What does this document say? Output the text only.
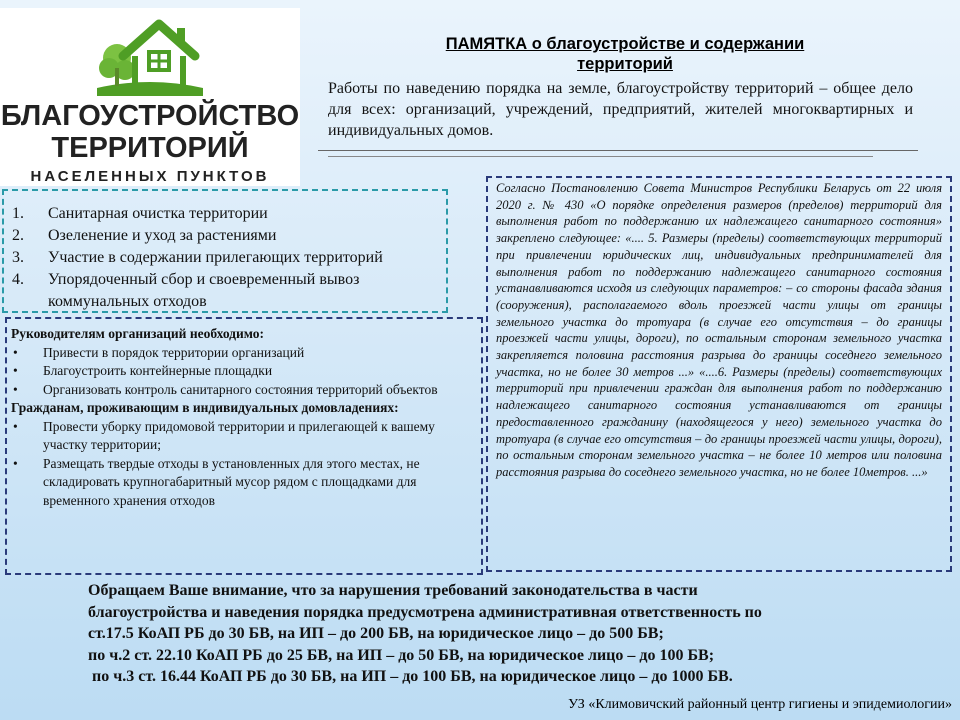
БЛАГОУСТРОЙСТВО
ТЕРРИТОРИЙ
НАСЕЛЕННЫХ ПУНКТОВ
ПАМЯТКА о благоустройстве и содержании
территорий
Работы по наведению порядка на земле, благоустройству территорий – общее дело для всех: организаций, учреждений, предприятий, жителей многоквартирных и индивидуальных домов.
1. Санитарная очистка территории
2. Озеленение и уход за растениями
3. Участие в содержании прилегающих территорий
4. Упорядоченный сбор и своевременный вывоз коммунальных отходов
Согласно Постановлению Совета Министров Республики Беларусь от 22 июля 2020 г. № 430 «О порядке определения размеров (пределов) территорий для выполнения работ по поддержанию их надлежащего санитарного состояния» закреплено следующее: «.... 5. Размеры (пределы) соответствующих территорий при привлечении юридических лиц, индивидуальных предпринимателей для выполнения работ по поддержанию надлежащего санитарного состояния устанавливаются исходя из следующих параметров: – со стороны фасада здания (сооружения), располагаемого вдоль проезжей части улицы от границы земельного участка до тротуара (в случае его отсутствия – до границы проезжей части улицы, дороги), по остальным сторонам земельного участка закрепляется половина расстояния разрыва до границы соседнего земельного участка, но не более 30 метров ...» «....6. Размеры (пределы) соответствующих территорий при привлечении граждан для выполнения работ по поддержанию надлежащего санитарного состояния устанавливаются от границы предоставленного гражданину (находящегося у него) земельного участка до тротуара (в случае его отсутствия – до границы проезжей части улицы, дороги), по остальным сторонам земельного участка – не более 10 метров или половина расстояния разрыва до соседнего земельного участка, но не более 10метров. ...»
Руководителям организаций необходимо:
• Привести в порядок территории организаций
• Благоустроить контейнерные площадки
• Организовать контроль санитарного состояния территорий объектов
Гражданам, проживающим в индивидуальных домовладениях:
• Провести уборку придомовой территории и прилегающей к вашему участку территории;
• Размещать твердые отходы в установленных для этого местах, не складировать крупногабаритный мусор рядом с площадками для временного хранения отходов
Обращаем Ваше внимание, что за нарушения требований законодательства в части
благоустройства и наведения порядка предусмотрена административная ответственность по
ст.17.5 КоАП РБ до 30 БВ, на ИП – до 200 БВ, на юридическое лицо – до 500 БВ;
по ч.2 ст. 22.10 КоАП РБ до 25 БВ, на ИП – до 50 БВ, на юридическое лицо – до 100 БВ;
по ч.3 ст. 16.44 КоАП РБ до 30 БВ, на ИП – до 100 БВ, на юридическое лицо – до 1000 БВ.
УЗ «Климовичский районный центр гигиены и эпидемиологии»
